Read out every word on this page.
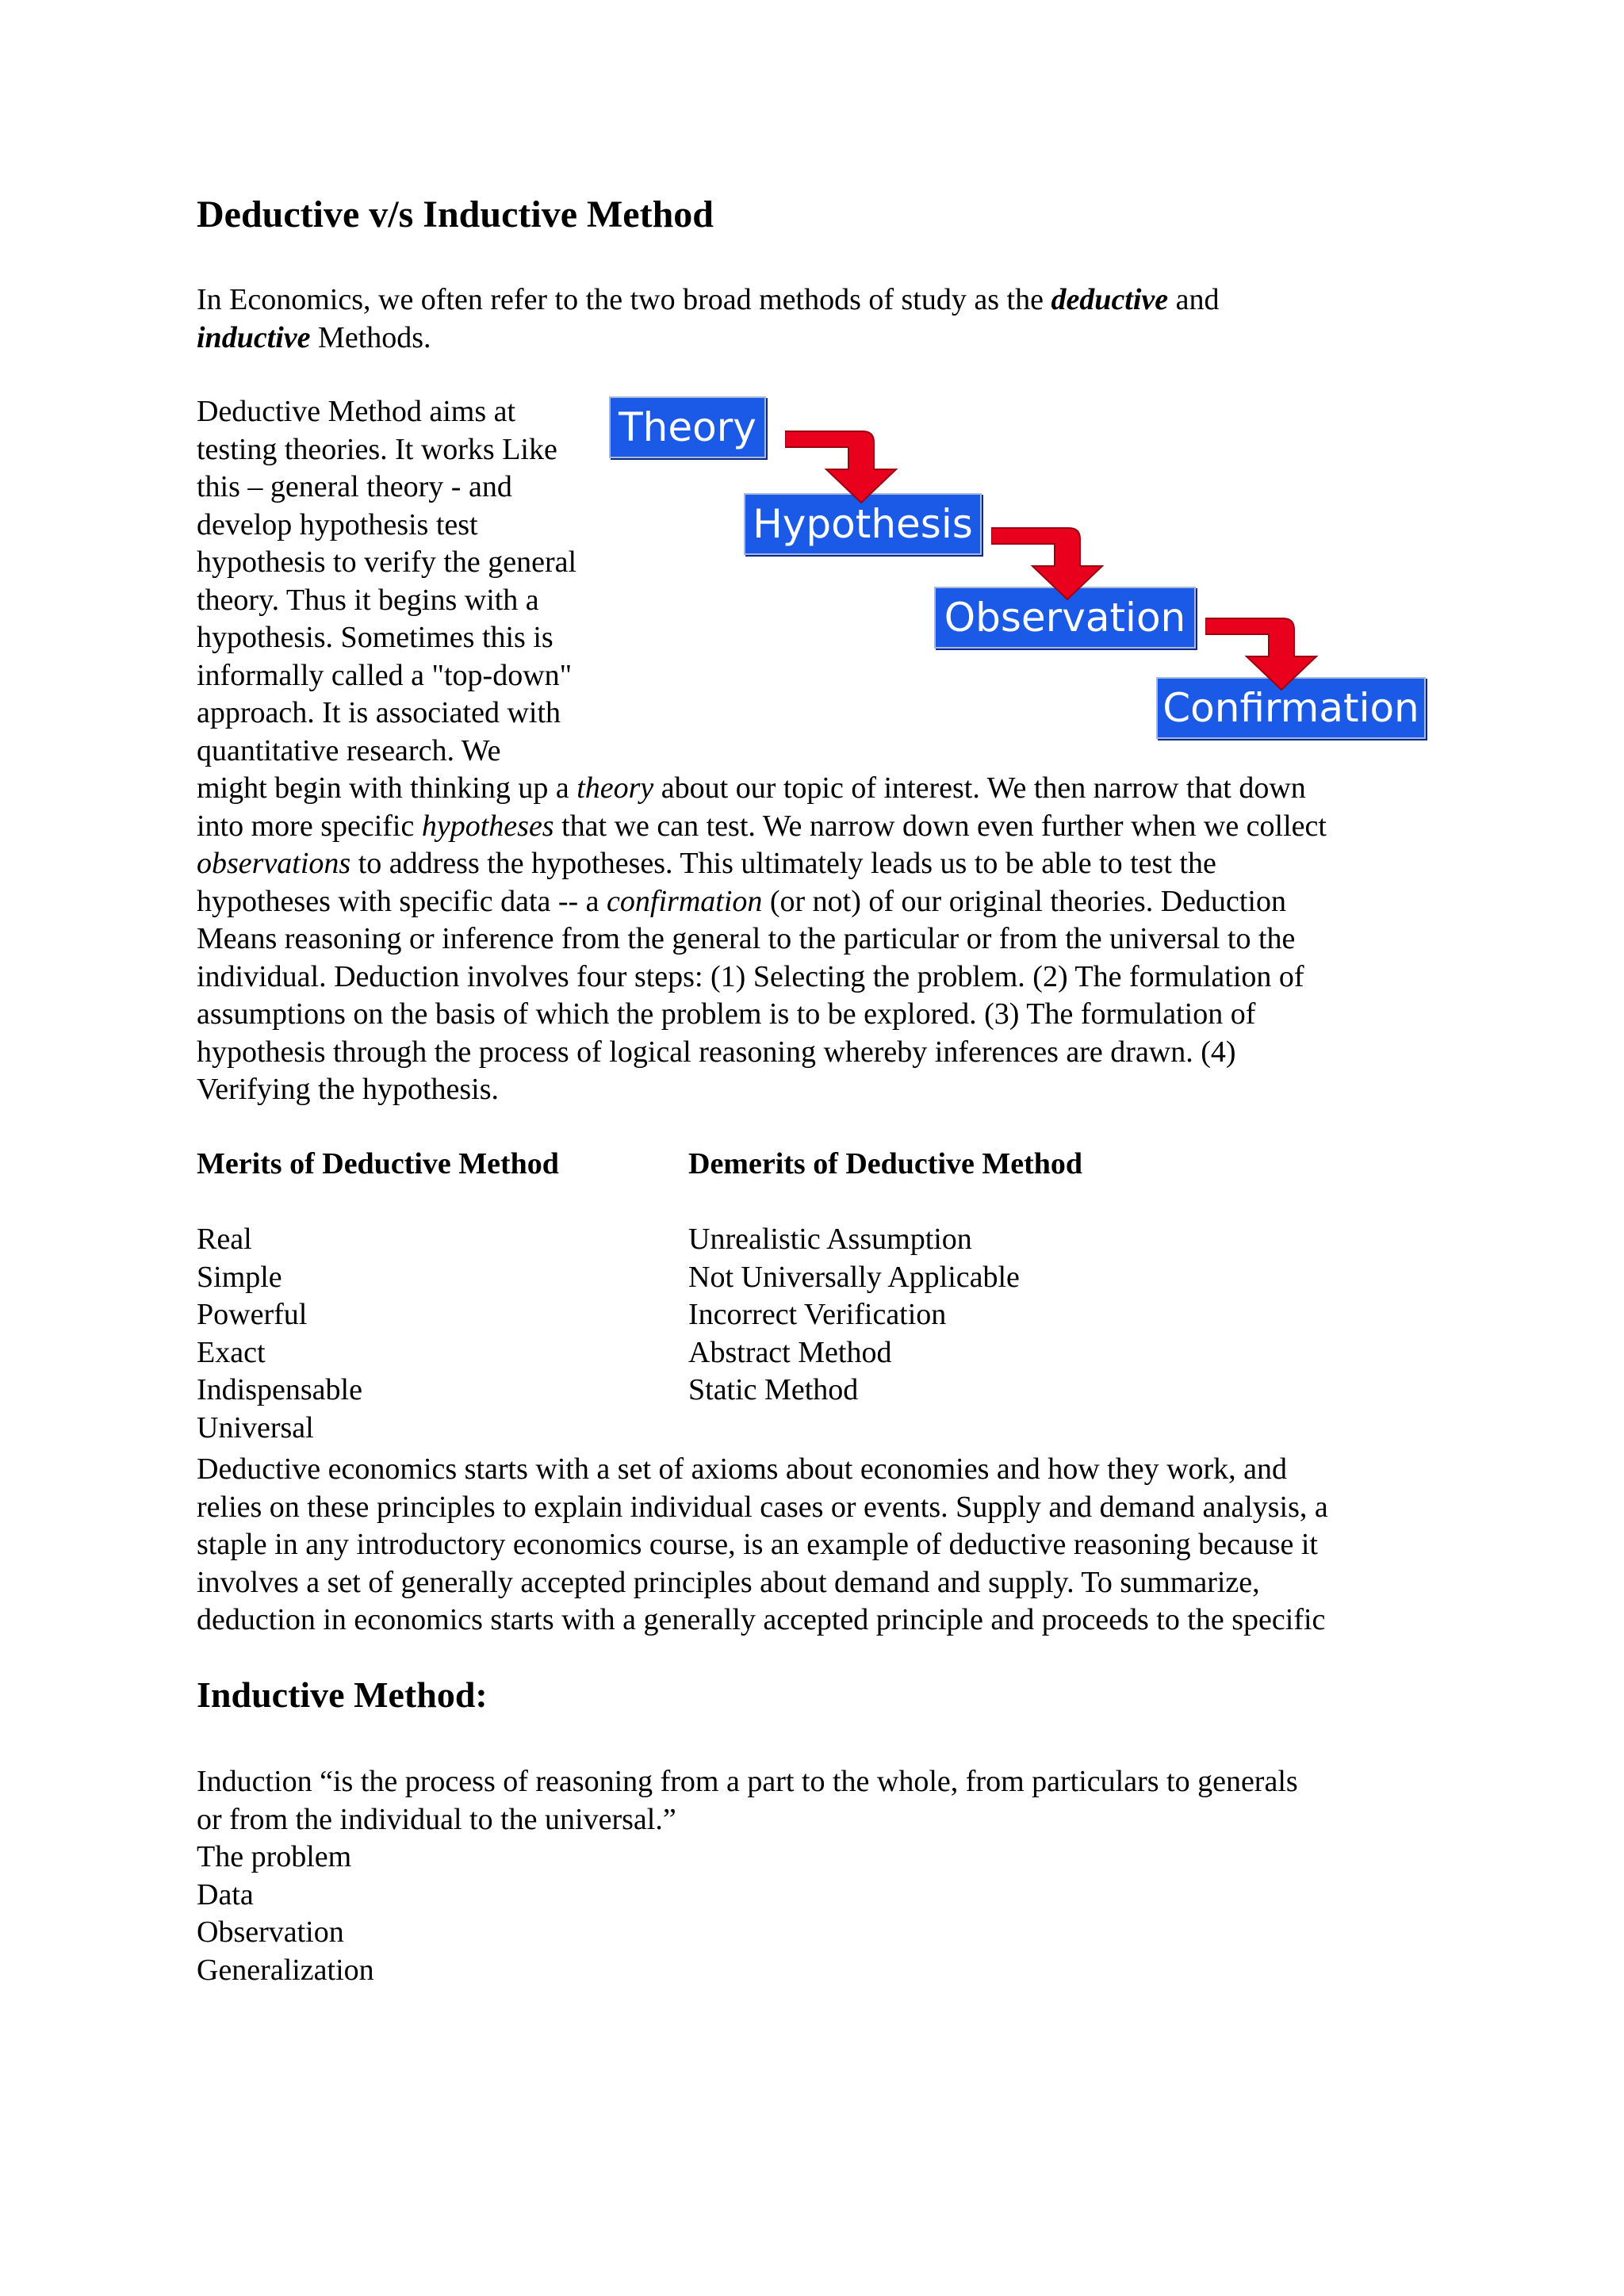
Deductive v/s Inductive Method
In Economics, we often refer to the two broad methods of study as the deductive and
inductive Methods.
Deductive Method aims at
testing theories. It works Like
this – general theory - and
develop hypothesis test
hypothesis to verify the general
theory. Thus it begins with a
hypothesis. Sometimes this is
informally called a "top-down"
approach. It is associated with
quantitative research. We
Theory
Hypothesis
Observation
Confirmation
might begin with thinking up a theory about our topic of interest. We then narrow that down
into more specific hypotheses that we can test. We narrow down even further when we collect
observations to address the hypotheses. This ultimately leads us to be able to test the
hypotheses with specific data -- a confirmation (or not) of our original theories. Deduction
Means reasoning or inference from the general to the particular or from the universal to the
individual. Deduction involves four steps: (1) Selecting the problem. (2) The formulation of
assumptions on the basis of which the problem is to be explored. (3) The formulation of
hypothesis through the process of logical reasoning whereby inferences are drawn. (4)
Verifying the hypothesis.
Merits of Deductive Method
Real
Simple
Powerful
Exact
Indispensable
Universal
Demerits of Deductive Method
Unrealistic Assumption
Not Universally Applicable
Incorrect Verification
Abstract Method
Static Method
Deductive economics starts with a set of axioms about economies and how they work, and
relies on these principles to explain individual cases or events. Supply and demand analysis, a
staple in any introductory economics course, is an example of deductive reasoning because it
involves a set of generally accepted principles about demand and supply. To summarize,
deduction in economics starts with a generally accepted principle and proceeds to the specific
Inductive Method:
Induction “is the process of reasoning from a part to the whole, from particulars to generals
or from the individual to the universal.”
The problem
Data
Observation
Generalization
